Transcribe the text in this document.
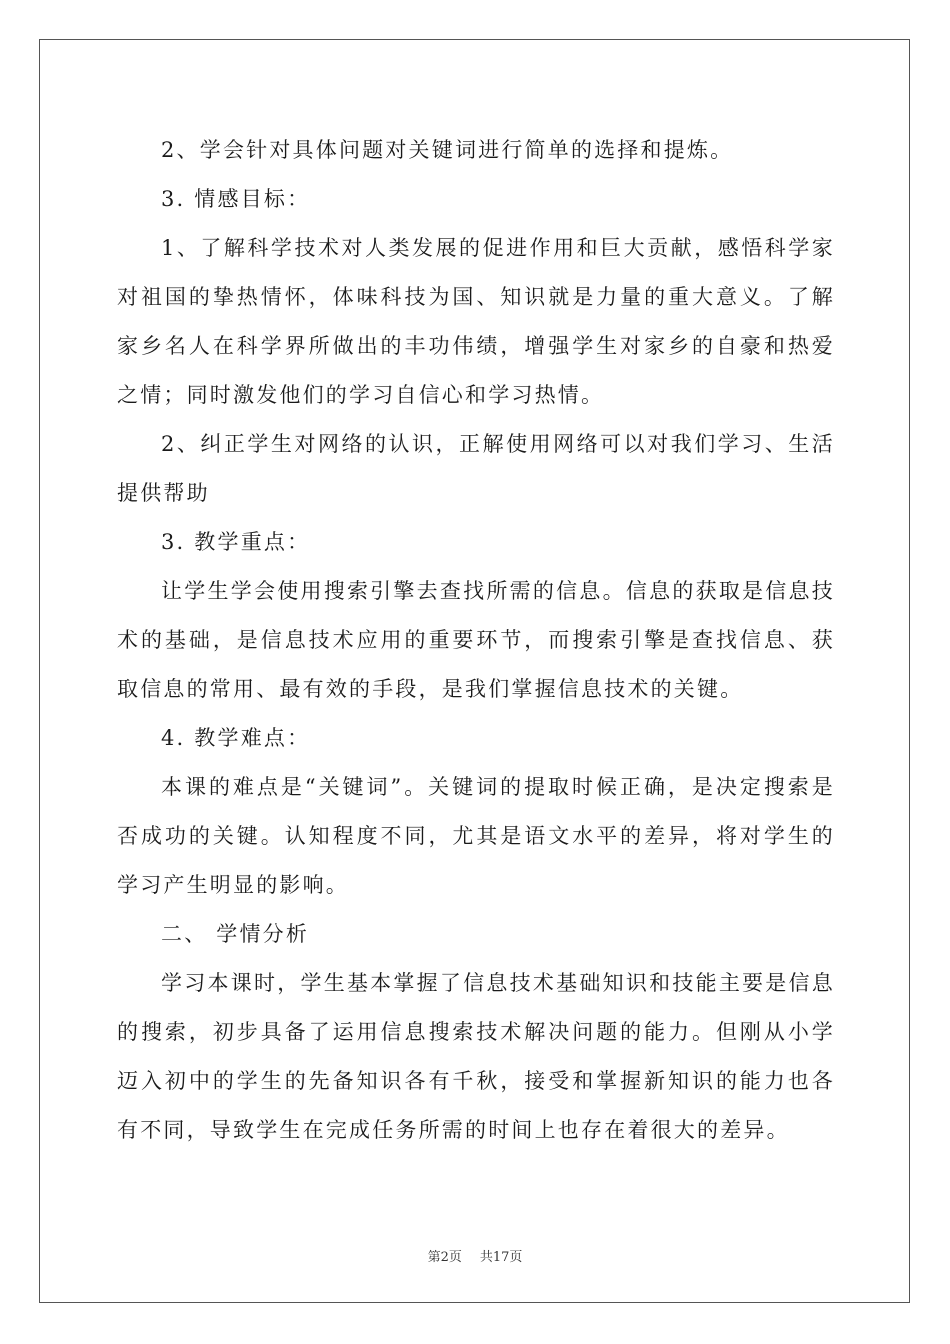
2、学会针对具体问题对关键词进行简单的选择和提炼。

3. 情感目标：

1、了解科学技术对人类发展的促进作用和巨大贡献，感悟科学家对祖国的挚热情怀，体味科技为国、知识就是力量的重大意义。了解家乡名人在科学界所做出的丰功伟绩，增强学生对家乡的自豪和热爱之情；同时激发他们的学习自信心和学习热情。

2、纠正学生对网络的认识，正解使用网络可以对我们学习、生活提供帮助

3. 教学重点：

让学生学会使用搜索引擎去查找所需的信息。信息的获取是信息技术的基础，是信息技术应用的重要环节，而搜索引擎是查找信息、获取信息的常用、最有效的手段，是我们掌握信息技术的关键。

4. 教学难点：

本课的难点是“关键词”。关键词的提取时候正确，是决定搜索是否成功的关键。认知程度不同，尤其是语文水平的差异，将对学生的学习产生明显的影响。

二、 学情分析

学习本课时，学生基本掌握了信息技术基础知识和技能主要是信息的搜索，初步具备了运用信息搜索技术解决问题的能力。但刚从小学迈入初中的学生的先备知识各有千秋，接受和掌握新知识的能力也各有不同，导致学生在完成任务所需的时间上也存在着很大的差异。

第2页 共17页
